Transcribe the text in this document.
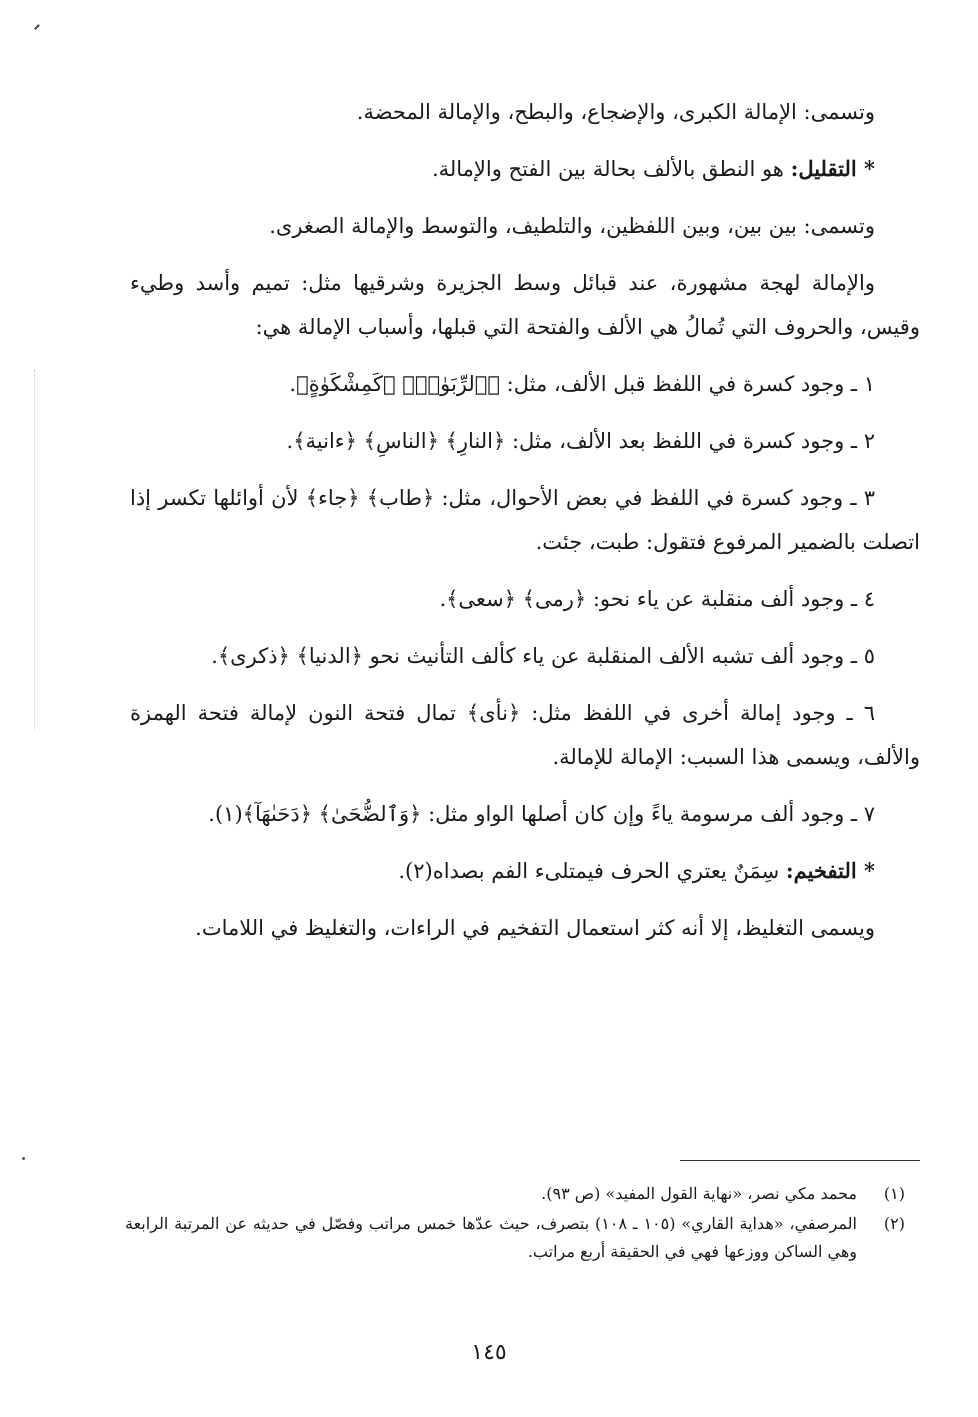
وتسمى: الإمالة الكبرى، والإضجاع، والبطح، والإمالة المحضة.

* التقليل: هو النطق بالألف بحالة بين الفتح والإمالة.

وتسمى: بين بين، وبين اللفظين، والتلطيف، والتوسط والإمالة الصغرى.

والإمالة لهجة مشهورة، عند قبائل وسط الجزيرة وشرقيها مثل: تميم وأسد وطيء وقيس، والحروف التي تُمالُ هي الألف والفتحة التي قبلها، وأسباب الإمالة هي:

١ ـ وجود كسرة في اللفظ قبل الألف، مثل: ﴿ٱلرِّبَوٰا۟﴾ ﴿كَمِشْكَوٰةٍ﴾.

٢ ـ وجود كسرة في اللفظ بعد الألف، مثل: ﴿النارِ﴾ ﴿الناسِ﴾ ﴿ءانية﴾.

٣ ـ وجود كسرة في اللفظ في بعض الأحوال، مثل: ﴿طاب﴾ ﴿جاء﴾ لأن أوائلها تكسر إذا اتصلت بالضمير المرفوع فتقول: طبت، جئت.

٤ ـ وجود ألف منقلبة عن ياء نحو: ﴿رمى﴾ ﴿سعى﴾.

٥ ـ وجود ألف تشبه الألف المنقلبة عن ياء كألف التأنيث نحو ﴿الدنيا﴾ ﴿ذكرى﴾.

٦ ـ وجود إمالة أخرى في اللفظ مثل: ﴿نأى﴾ تمال فتحة النون لإمالة فتحة الهمزة والألف، ويسمى هذا السبب: الإمالة للإمالة.

٧ ـ وجود ألف مرسومة ياءً وإن كان أصلها الواو مثل: ﴿وَٱلضُّحَىٰ﴾ ﴿دَحَىٰهَآ﴾(١).

* التفخيم: سِمَنٌ يعتري الحرف فيمتلىء الفم بصداه(٢).

ويسمى التغليظ، إلا أنه كثر استعمال التفخيم في الراءات، والتغليظ في اللامات.

(١)
محمد مكي نصر، «نهاية القول المفيد» (ص ٩٣).
(٢)
المرصفي، «هداية القاري» (١٠٥ ـ ١٠٨) بتصرف، حيث عدّها خمس مراتب وفصّل في حديثه عن المرتبة الرابعة وهي الساكن ووزعها فهي في الحقيقة أربع مراتب.
١٤٥
